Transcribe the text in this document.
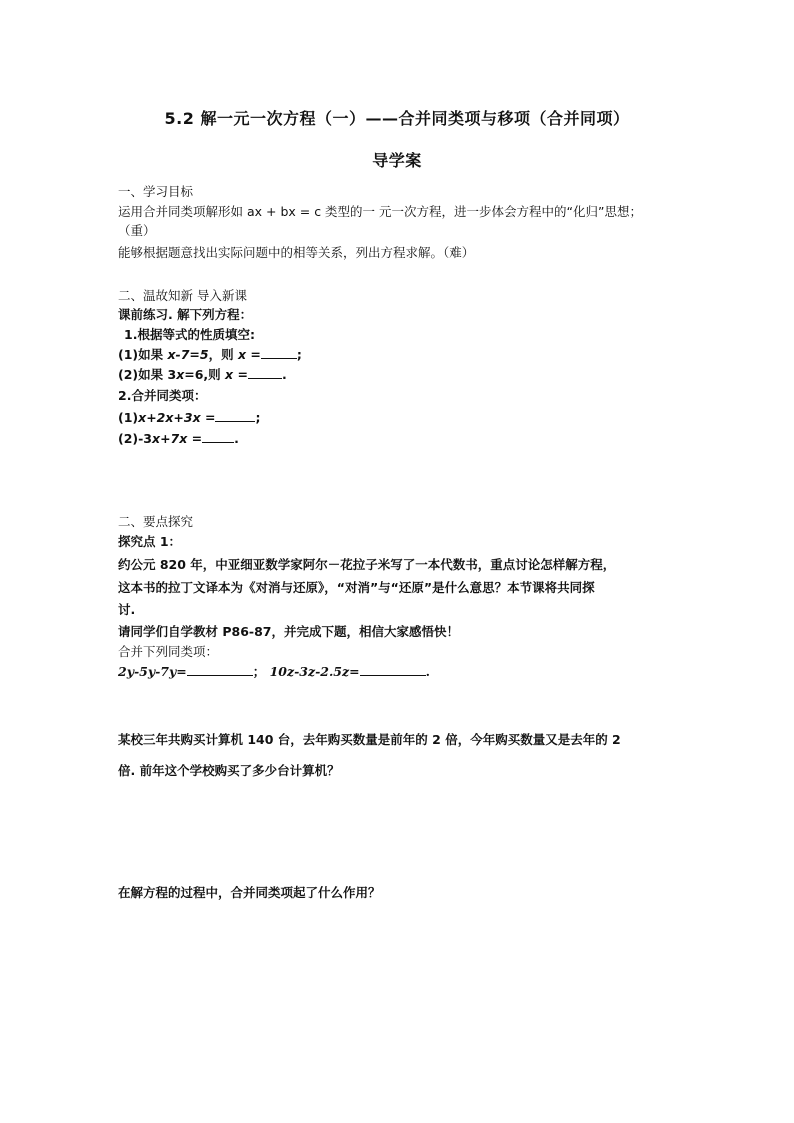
5.2 解一元一次方程（一）——合并同类项与移项（合并同项）
导学案
一、学习目标
运用合并同类项解形如 ax + bx = c 类型的一 元一次方程，进一步体会方程中的“化归”思想；
（重）
能够根据题意找出实际问题中的相等关系，列出方程求解。（难）
二、温故知新 导入新课
课前练习. 解下列方程：
1.根据等式的性质填空:
(1)如果 x-7=5，则 x =	;
(2)如果 3x=6,则 x =	.
2.合并同类项：
(1)x+2x+3x =	;
(2)-3x+7x =	.
二、要点探究
探究点 1：
约公元 820 年，中亚细亚数学家阿尔－花拉子米写了一本代数书，重点讨论怎样解方程，
这本书的拉丁文译本为《对消与还原》，“对消”与“还原”是什么意思？本节课将共同探
讨.
请同学们自学教材 P86-87，并完成下题，相信大家感悟快！
合并下列同类项：
2y-5y-7y=	； 10z-3z-2.5z=	.
某校三年共购买计算机 140 台，去年购买数量是前年的 2 倍，今年购买数量又是去年的 2
倍. 前年这个学校购买了多少台计算机？
在解方程的过程中，合并同类项起了什么作用？
